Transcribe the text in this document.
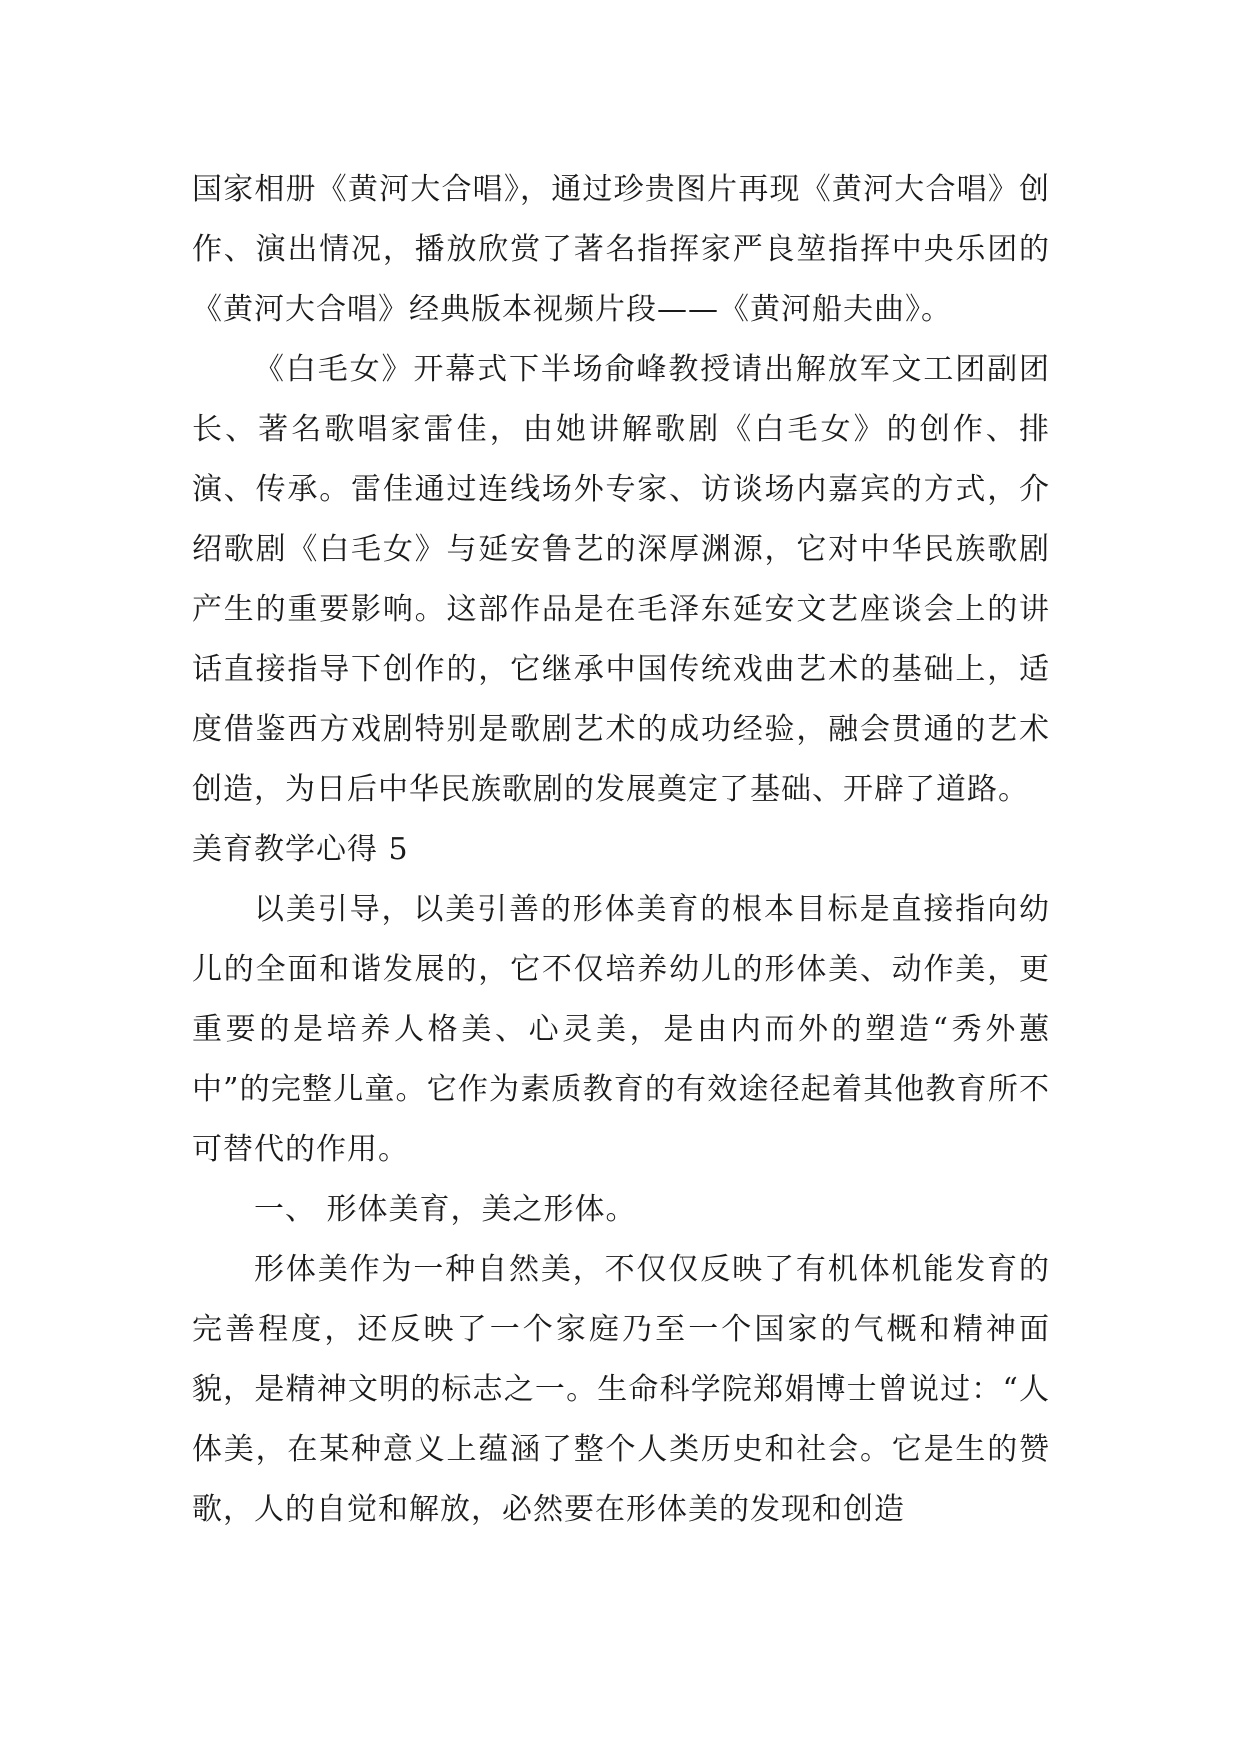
国家相册《黄河大合唱》，通过珍贵图片再现《黄河大合唱》创作、演出情况，播放欣赏了著名指挥家严良堃指挥中央乐团的《黄河大合唱》经典版本视频片段——《黄河船夫曲》。

《白毛女》开幕式下半场俞峰教授请出解放军文工团副团长、著名歌唱家雷佳，由她讲解歌剧《白毛女》的创作、排演、传承。雷佳通过连线场外专家、访谈场内嘉宾的方式，介绍歌剧《白毛女》与延安鲁艺的深厚渊源，它对中华民族歌剧产生的重要影响。这部作品是在毛泽东延安文艺座谈会上的讲话直接指导下创作的，它继承中国传统戏曲艺术的基础上，适度借鉴西方戏剧特别是歌剧艺术的成功经验，融会贯通的艺术创造，为日后中华民族歌剧的发展奠定了基础、开辟了道路。

美育教学心得 5

以美引导，以美引善的形体美育的根本目标是直接指向幼儿的全面和谐发展的，它不仅培养幼儿的形体美、动作美，更重要的是培养人格美、心灵美，是由内而外的塑造“秀外蕙中”的完整儿童。它作为素质教育的有效途径起着其他教育所不可替代的作用。

一、 形体美育，美之形体。

形体美作为一种自然美，不仅仅反映了有机体机能发育的完善程度，还反映了一个家庭乃至一个国家的气概和精神面貌，是精神文明的标志之一。生命科学院郑娟博士曾说过：“人体美，在某种意义上蕴涵了整个人类历史和社会。它是生的赞歌，人的自觉和解放，必然要在形体美的发现和创造
